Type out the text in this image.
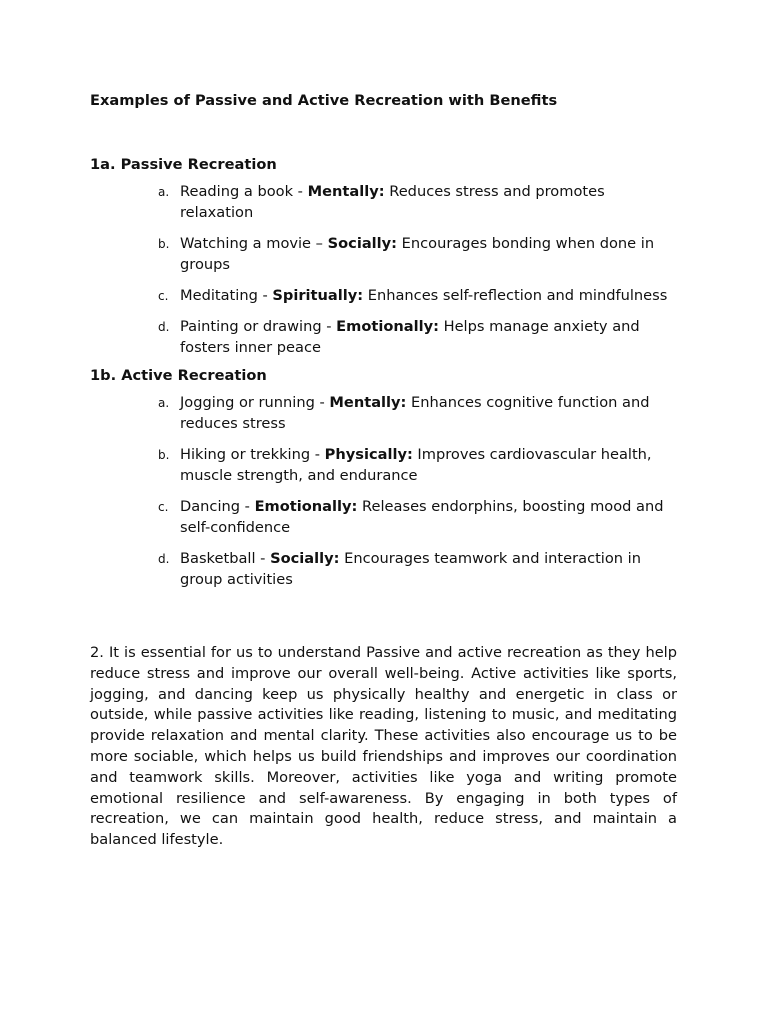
Examples of Passive and Active Recreation with Benefits
1a. Passive Recreation
a. Reading a book - Mentally: Reduces stress and promotes relaxation
b. Watching a movie – Socially: Encourages bonding when done in groups
c. Meditating - Spiritually: Enhances self-reflection and mindfulness
d. Painting or drawing - Emotionally: Helps manage anxiety and fosters inner peace
1b. Active Recreation
a. Jogging or running - Mentally: Enhances cognitive function and reduces stress
b. Hiking or trekking - Physically: Improves cardiovascular health, muscle strength, and endurance
c. Dancing - Emotionally: Releases endorphins, boosting mood and self-confidence
d. Basketball - Socially: Encourages teamwork and interaction in group activities

2. It is essential for us to understand Passive and active recreation as they help reduce stress and improve our overall well-being. Active activities like sports, jogging, and dancing keep us physically healthy and energetic in class or outside, while passive activities like reading, listening to music, and meditating provide relaxation and mental clarity. These activities also encourage us to be more sociable, which helps us build friendships and improves our coordination and teamwork skills. Moreover, activities like yoga and writing promote emotional resilience and self-awareness. By engaging in both types of recreation, we can maintain good health, reduce stress, and maintain a balanced lifestyle.
